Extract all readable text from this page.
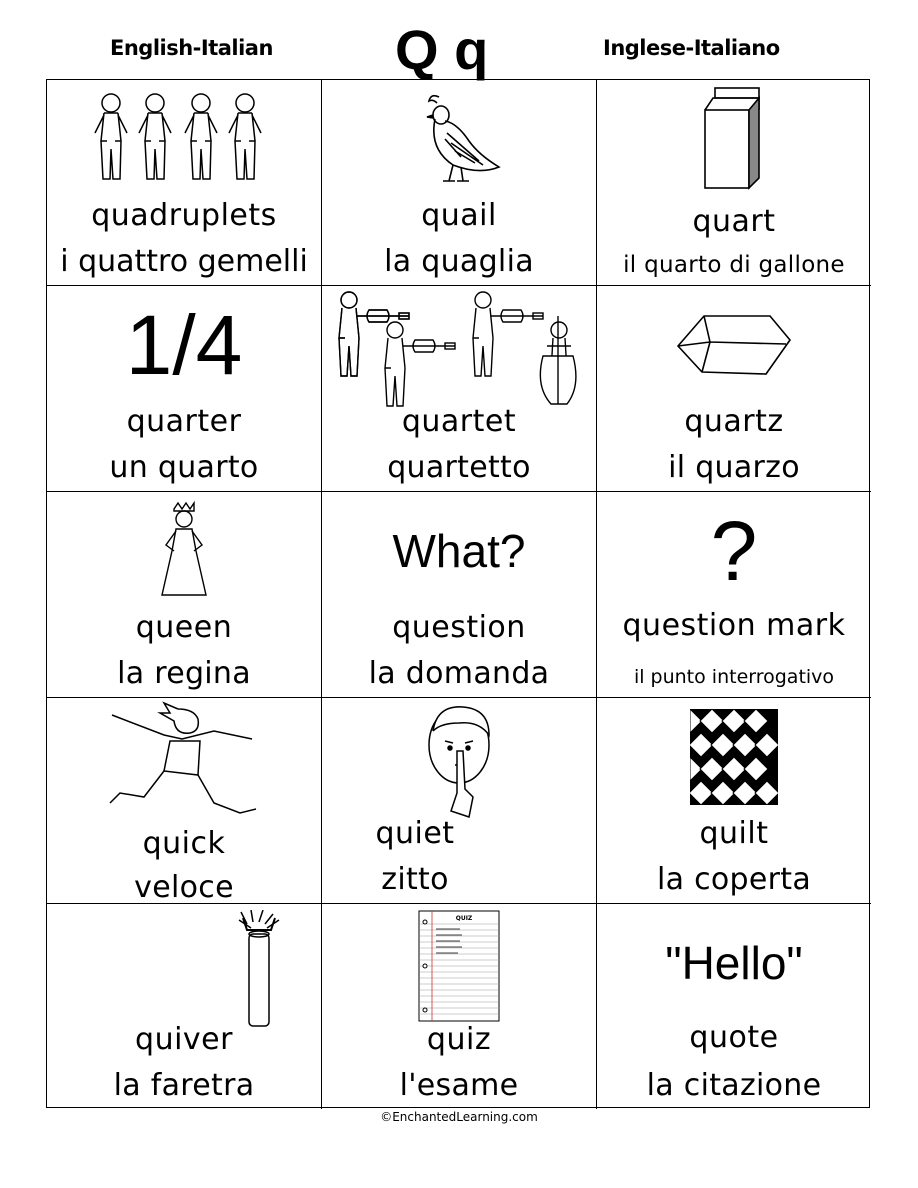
English-Italian Q q	Inglese-Italiano
quadruplets
i quattro gemelli
quail
la quaglia
quart
il quarto di gallone
1/4
quarter
un quarto
quartet
quartetto
quartz
il quarzo
queen
la regina
What?
question
la domanda
?
question mark
il punto interrogativo
quick
veloce
quiet
zitto
quilt
la coperta
quiver
la faretra
QUIZ
quiz
l'esame
"Hello"
quote
la citazione
©EnchantedLearning.com
